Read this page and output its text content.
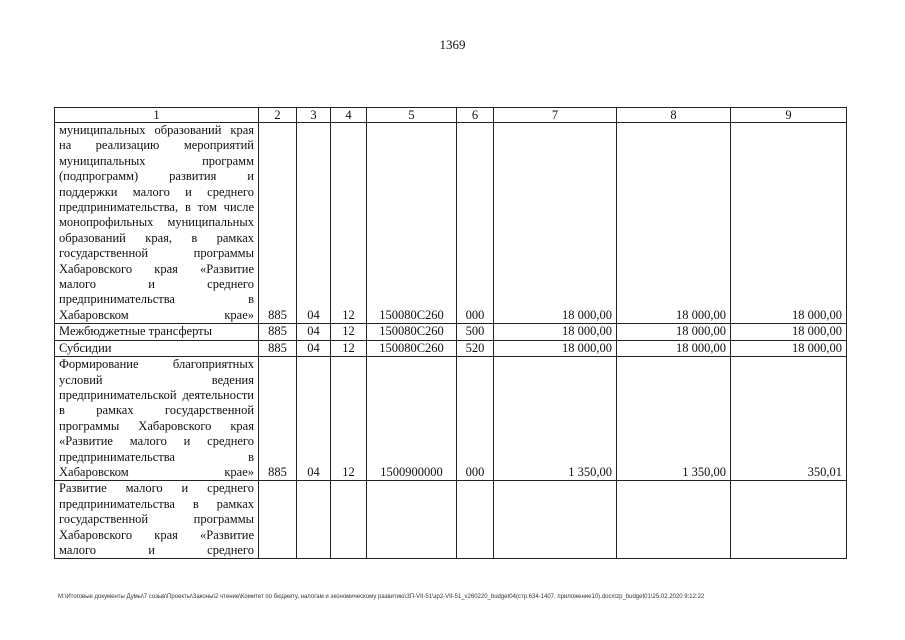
1369
1	2	3	4	5	6	7	8	9
муниципальных образований края на реализацию мероприятий муниципальных программ (подпрограмм) развития и поддержки малого и среднего предпринимательства, в том числе монопрофильных муниципальных образований края, в рамках государственной программы Хабаровского края «Развитие малого и среднего предпринимательства в Хабаровском крае»	885	04	12	150080С260	000	18 000,00	18 000,00	18 000,00
Межбюджетные трансферты	885	04	12	150080С260	500	18 000,00	18 000,00	18 000,00
Субсидии	885	04	12	150080С260	520	18 000,00	18 000,00	18 000,00
Формирование благоприятных условий ведения предпринимательской деятельности в рамках государственной программы Хабаровского края «Развитие малого и среднего предпринимательства в Хабаровском крае»	885	04	12	1500900000	000	1 350,00	1 350,00	350,01
Развитие малого и среднего предпринимательства в рамках государственной программы Хабаровского края «Развитие малого и среднего								
M:\Итоговые документы Думы\7 созыв\Проекты\Законы\2 чтение\Комитет по бюджету, налогам и экономическому развитию\ЗП-VII-51\зр2-VII-51_v260220_budget04(стр.634-1407, приложение10).docx\zp_budget01\25.02.2020 9:12:22
